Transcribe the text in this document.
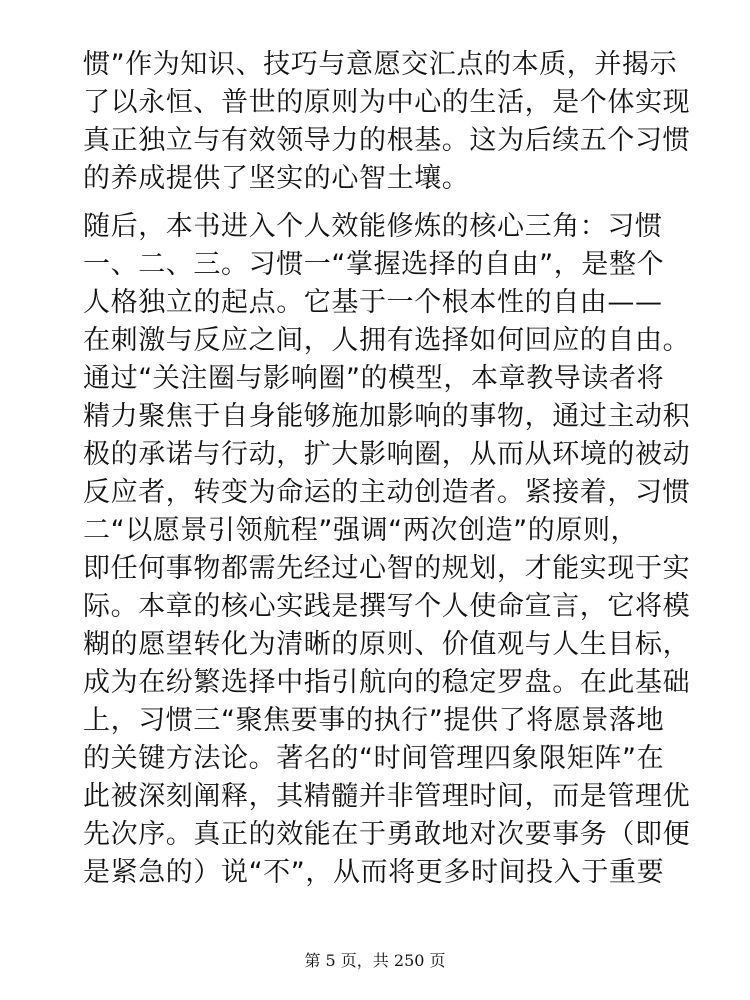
惯”作为知识、技巧与意愿交汇点的本质，并揭示
了以永恒、普世的原则为中心的生活，是个体实现
真正独立与有效领导力的根基。这为后续五个习惯
的养成提供了坚实的心智土壤。

随后，本书进入个人效能修炼的核心三角：习惯
一、二、三。习惯一“掌握选择的自由”，是整个
人格独立的起点。它基于一个根本性的自由——
在刺激与反应之间，人拥有选择如何回应的自由。
通过“关注圈与影响圈”的模型，本章教导读者将
精力聚焦于自身能够施加影响的事物，通过主动积
极的承诺与行动，扩大影响圈，从而从环境的被动
反应者，转变为命运的主动创造者。紧接着，习惯
二“以愿景引领航程”强调“两次创造”的原则，
即任何事物都需先经过心智的规划，才能实现于实
际。本章的核心实践是撰写个人使命宣言，它将模
糊的愿望转化为清晰的原则、价值观与人生目标，
成为在纷繁选择中指引航向的稳定罗盘。在此基础
上，习惯三“聚焦要事的执行”提供了将愿景落地
的关键方法论。著名的“时间管理四象限矩阵”在
此被深刻阐释，其精髓并非管理时间，而是管理优
先次序。真正的效能在于勇敢地对次要事务（即便
是紧急的）说“不”，从而将更多时间投入于重要

第 5 页，共 250 页
